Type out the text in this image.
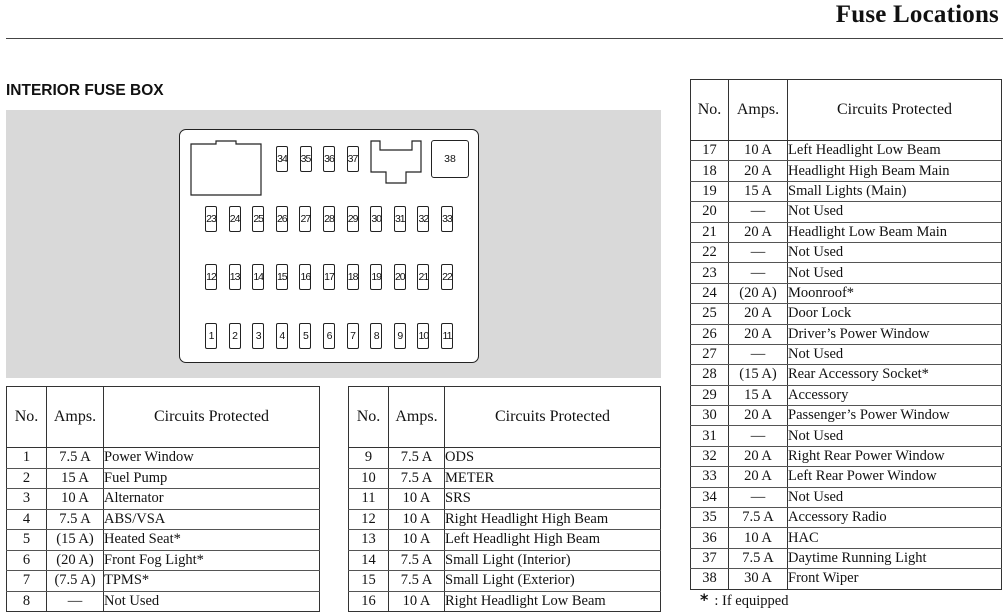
Fuse Locations
INTERIOR FUSE BOX
38
34 35 36 37
23 24 25 26 27 28 29 30 31 32 33
12 13 14 15 16 17 18 19 20 21 22
1	2	3	4	5	6	7	8	9	10 11
No.	Amps.	Circuits Protected
1	7.5 A	Power Window
2	15 A	Fuel Pump
3	10 A	Alternator
4	7.5 A	ABS/VSA
5	(15 A)	Heated Seat*
6	(20 A)	Front Fog Light*
7	(7.5 A)	TPMS*
8	—	Not Used
No.	Amps.	Circuits Protected
9	7.5 A	ODS
10	7.5 A	METER
11	10 A	SRS
12	10 A	Right Headlight High Beam
13	10 A	Left Headlight High Beam
14	7.5 A	Small Light (Interior)
15	7.5 A	Small Light (Exterior)
16	10 A	Right Headlight Low Beam
No.	Amps.	Circuits Protected
17	10 A	Left Headlight Low Beam
18	20 A	Headlight High Beam Main
19	15 A	Small Lights (Main)
20	—	Not Used
21	20 A	Headlight Low Beam Main
22	—	Not Used
23	—	Not Used
24	(20 A)	Moonroof*
25	20 A	Door Lock
26	20 A	Driver’s Power Window
27	—	Not Used
28	(15 A)	Rear Accessory Socket*
29	15 A	Accessory
30	20 A	Passenger’s Power Window
31	—	Not Used
32	20 A	Right Rear Power Window
33	20 A	Left Rear Power Window
34	—	Not Used
35	7.5 A	Accessory Radio
36	10 A	HAC
37	7.5 A	Daytime Running Light
38	30 A	Front Wiper
* : If equipped
